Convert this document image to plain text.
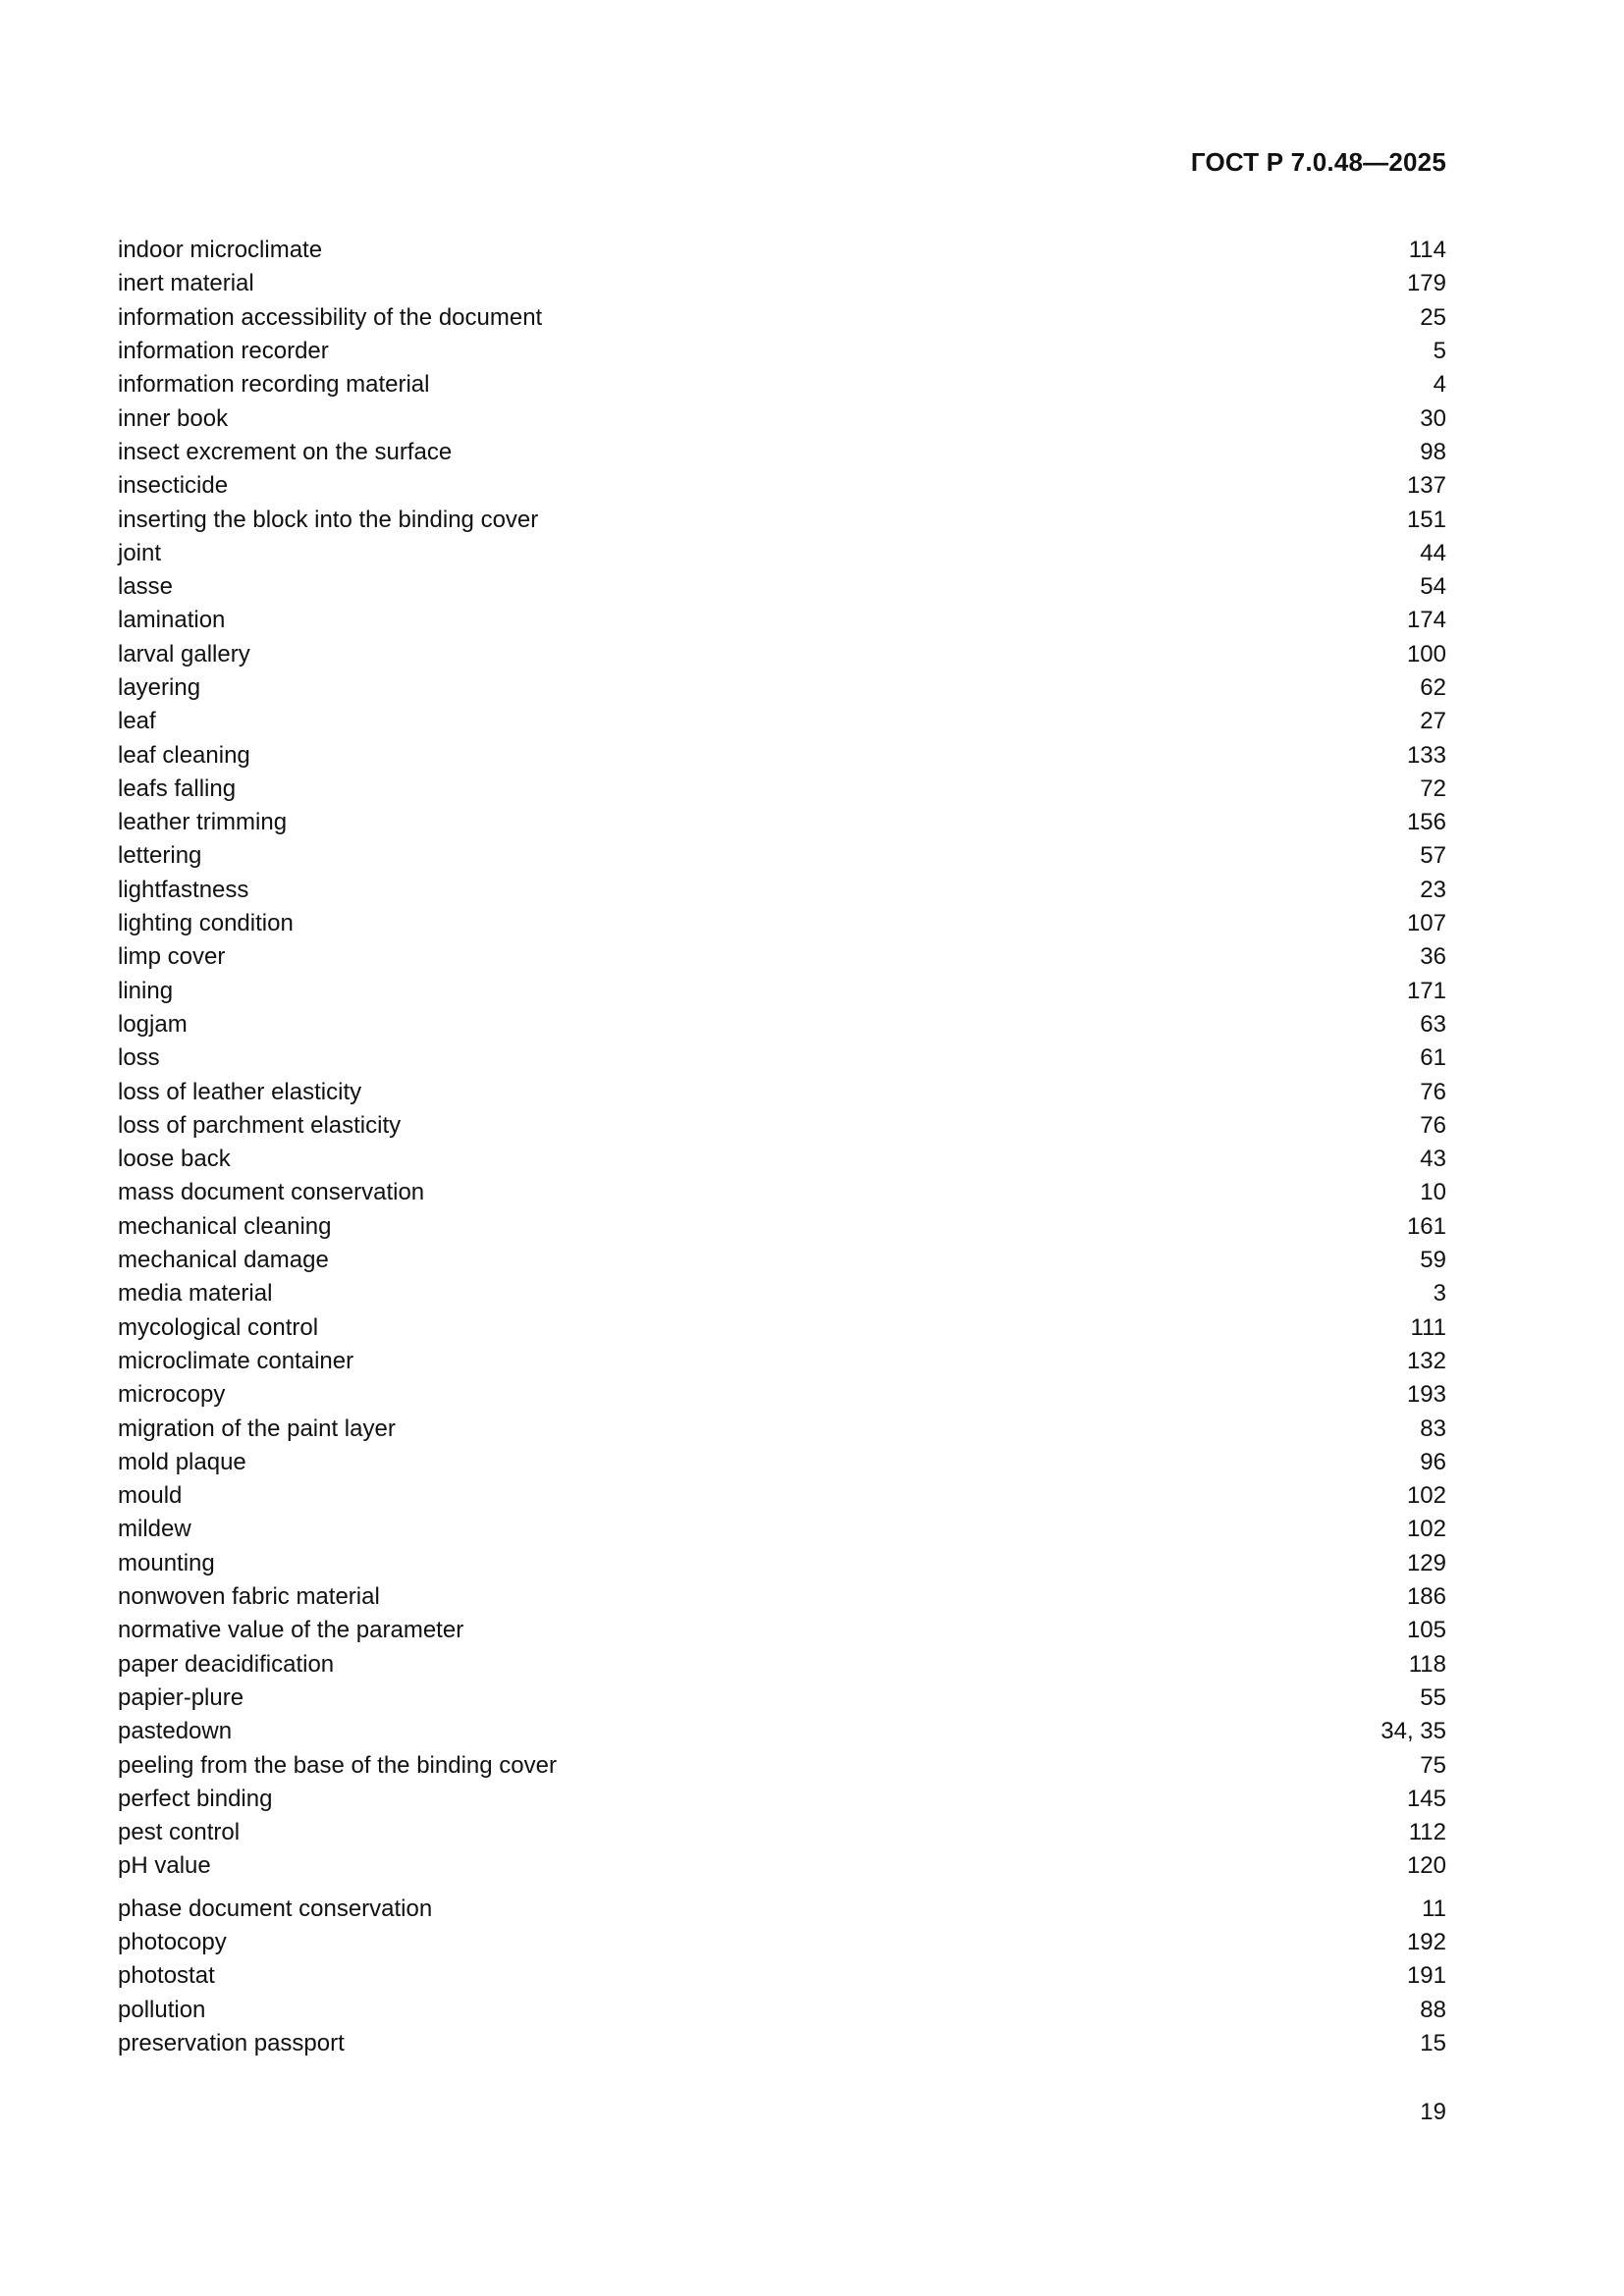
ГОСТ Р 7.0.48—2025
indoor microclimate	114
inert material	179
information accessibility of the document	25
information recorder	5
information recording material	4
inner book	30
insect excrement on the surface	98
insecticide	137
inserting the block into the binding cover	151
joint	44
lasse	54
lamination	174
larval gallery	100
layering	62
leaf	27
leaf cleaning	133
leafs falling	72
leather trimming	156
lettering	57
lightfastness	23
lighting condition	107
limp cover	36
lining	171
logjam	63
loss	61
loss of leather elasticity	76
loss of parchment elasticity	76
loose back	43
mass document conservation	10
mechanical cleaning	161
mechanical damage	59
media material	3
mycological control	111
microclimate container	132
microcopy	193
migration of the paint layer	83
mold plaque	96
mould	102
mildew	102
mounting	129
nonwoven fabric material	186
normative value of the parameter	105
paper deacidification	118
papier-plure	55
pastedown	34, 35
peeling from the base of the binding cover	75
perfect binding	145
pest control	112
pH value	120
phase document conservation	11
photocopy	192
photostat	191
pollution	88
preservation passport	15
19
